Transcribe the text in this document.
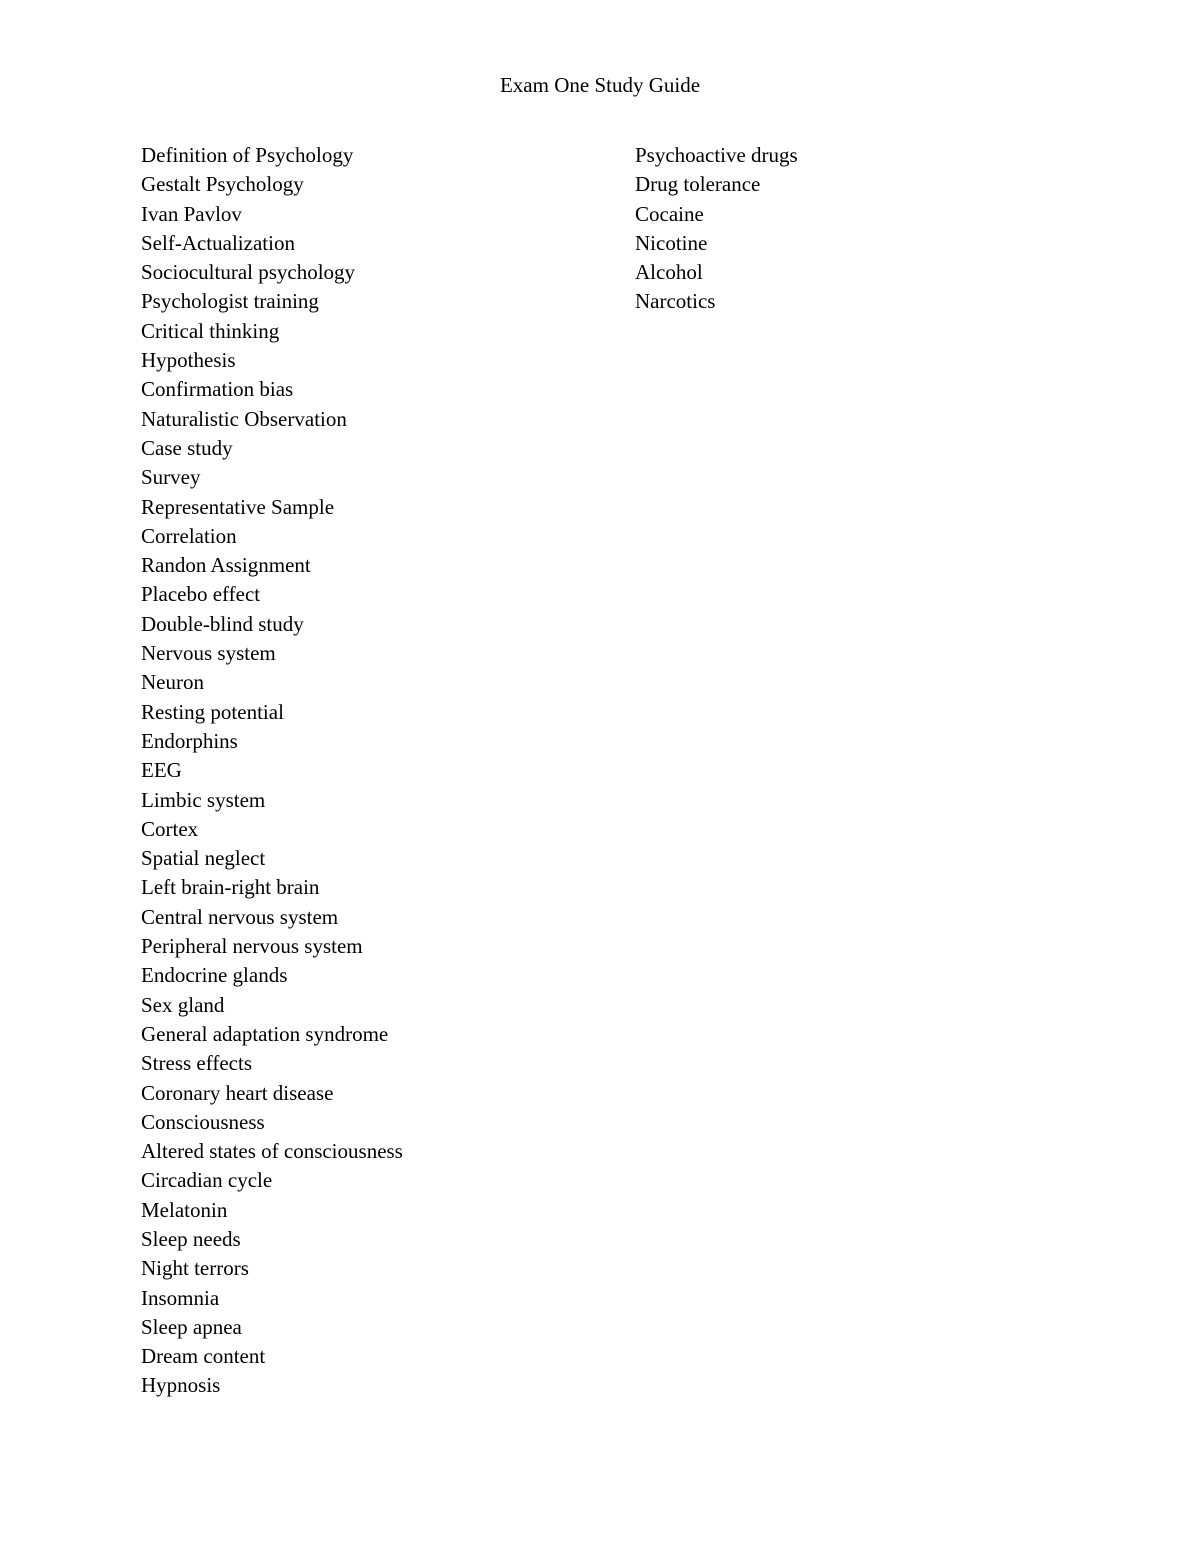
Exam One Study Guide
Definition of Psychology
Gestalt Psychology
Ivan Pavlov
Self-Actualization
Sociocultural psychology
Psychologist training
Critical thinking
Hypothesis
Confirmation bias
Naturalistic Observation
Case study
Survey
Representative Sample
Correlation
Randon Assignment
Placebo effect
Double-blind study
Nervous system
Neuron
Resting potential
Endorphins
EEG
Limbic system
Cortex
Spatial neglect
Left brain-right brain
Central nervous system
Peripheral nervous system
Endocrine glands
Sex gland
General adaptation syndrome
Stress effects
Coronary heart disease
Consciousness
Altered states of consciousness
Circadian cycle
Melatonin
Sleep needs
Night terrors
Insomnia
Sleep apnea
Dream content
Hypnosis
Psychoactive drugs
Drug tolerance
Cocaine
Nicotine
Alcohol
Narcotics
